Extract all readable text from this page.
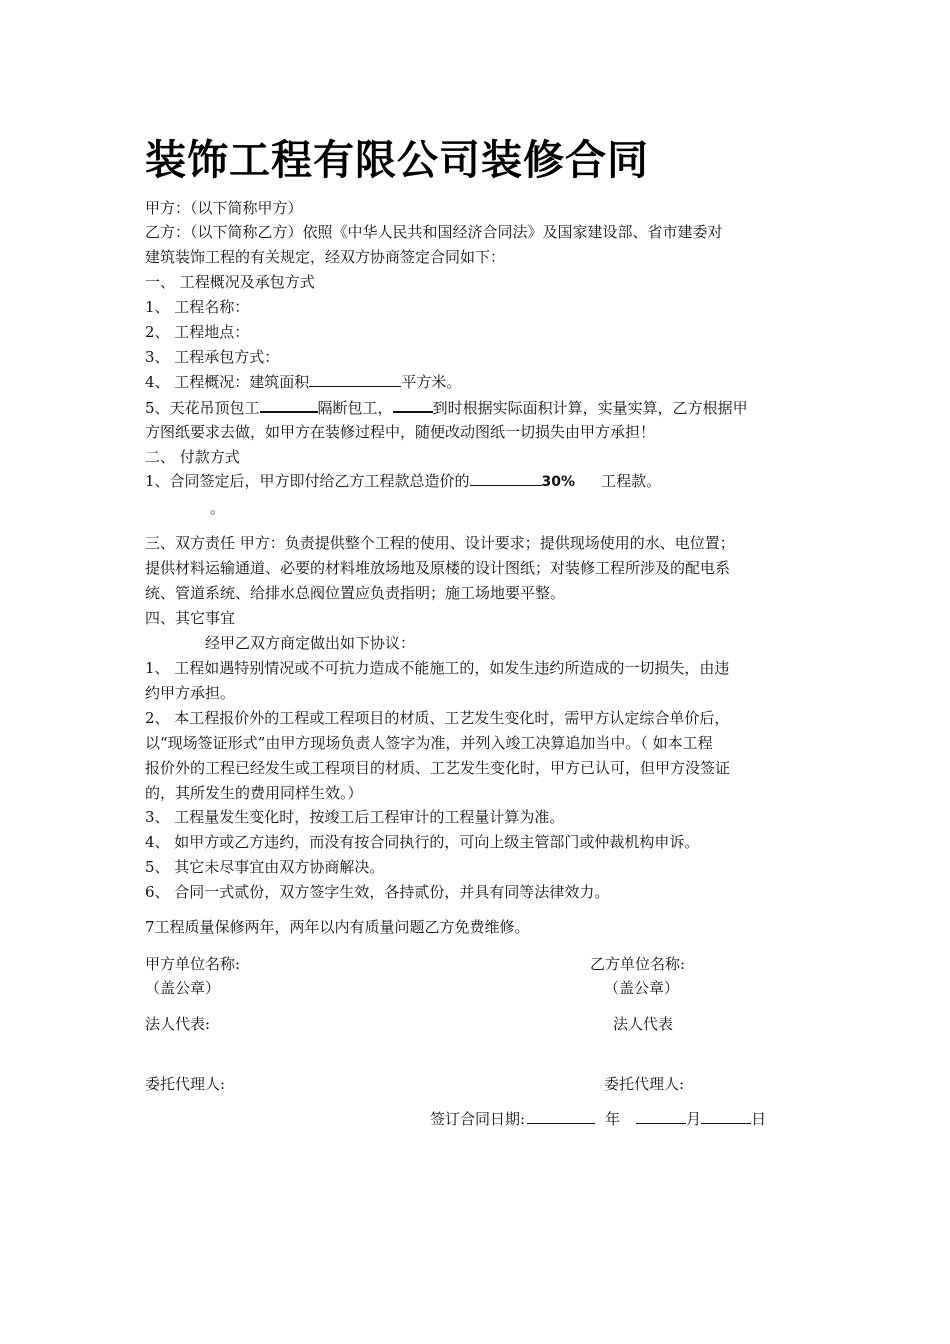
装饰工程有限公司装修合同
甲方：（以下简称甲方）
乙方：（以下简称乙方）依照《中华人民共和国经济合同法》及国家建设部、省市建委对
建筑装饰工程的有关规定，经双方协商签定合同如下：
一、 工程概况及承包方式
1、 工程名称：
2、 工程地点：
3、 工程承包方式：
4、 工程概况：建筑面积	平方米。
5、天花吊顶包工	隔断包工，	到时根据实际面积计算，实量实算，乙方根据甲
方图纸要求去做，如甲方在装修过程中，随便改动图纸一切损失由甲方承担！
二、 付款方式
1、合同签定后，甲方即付给乙方工程款总造价的	30% 工程款。
。
三、双方责任 甲方：负责提供整个工程的使用、设计要求；提供现场使用的水、电位置；
提供材料运输通道、必要的材料堆放场地及原楼的设计图纸；对装修工程所涉及的配电系
统、管道系统、给排水总阀位置应负责指明；施工场地要平整。
四、其它事宜
经甲乙双方商定做出如下协议：
1、 工程如遇特别情况或不可抗力造成不能施工的，如发生违约所造成的一切损失，由违
约甲方承担。
2、 本工程报价外的工程或工程项目的材质、工艺发生变化时，需甲方认定综合单价后，
以“现场签证形式”由甲方现场负责人签字为准，并列入竣工决算追加当中。（ 如本工程
报价外的工程已经发生或工程项目的材质、工艺发生变化时，甲方已认可，但甲方没签证
的，其所发生的费用同样生效。）
3、 工程量发生变化时，按竣工后工程审计的工程量计算为准。
4、 如甲方或乙方违约，而没有按合同执行的，可向上级主管部门或仲裁机构申诉。
5、 其它未尽事宜由双方协商解决。
6、 合同一式贰份，双方签字生效，各持贰份，并具有同等法律效力。
7工程质量保修两年，两年以内有质量问题乙方免费维修。
甲方单位名称:	乙方单位名称:
（盖公章）	（盖公章）
法人代表:	法人代表
委托代理人:	委托代理人:
签订合同日期:	年	月	日
